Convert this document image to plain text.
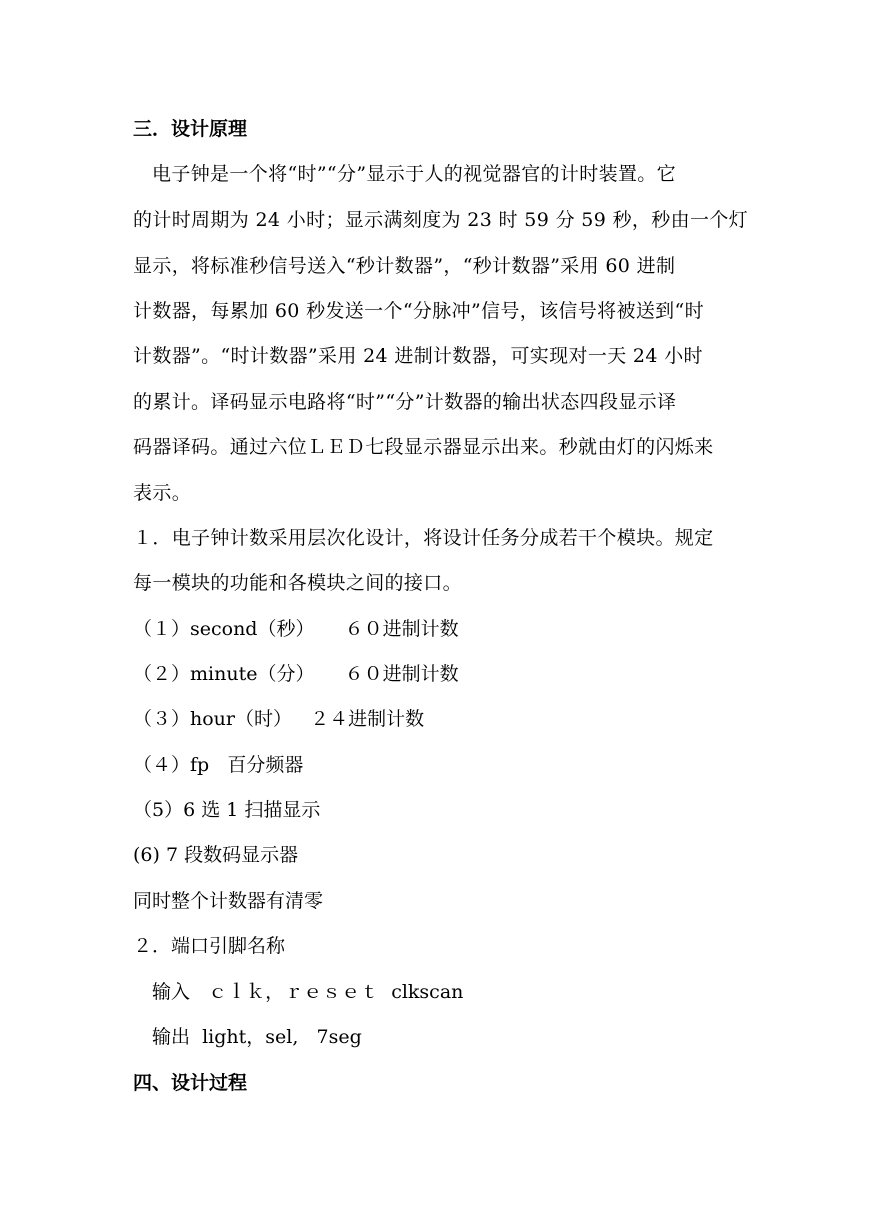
三．设计原理
电子钟是一个将“时”“分”显示于人的视觉器官的计时装置。它
的计时周期为 24 小时；显示满刻度为 23 时 59 分 59 秒，秒由一个灯
显示，将标准秒信号送入“秒计数器”，“秒计数器”采用 60 进制
计数器，每累加 60 秒发送一个“分脉冲”信号，该信号将被送到“时
计数器”。“时计数器”采用 24 进制计数器，可实现对一天 24 小时
的累计。译码显示电路将“时”“分”计数器的输出状态四段显示译
码器译码。通过六位ＬＥＤ七段显示器显示出来。秒就由灯的闪烁来
表示。
１．电子钟计数采用层次化设计，将设计任务分成若干个模块。规定
每一模块的功能和各模块之间的接口。
（１）second（秒）     ６０进制计数
（２）minute（分）     ６０进制计数
（３）hour（时）   ２４进制计数
（４）fp   百分频器
（5）6 选 1 扫描显示
(6) 7 段数码显示器
同时整个计数器有清零
２．端口引脚名称
输入   ｃｌｋ，ｒｅｓｅｔ  clkscan
输出  light，sel,   7seg
四、设计过程
